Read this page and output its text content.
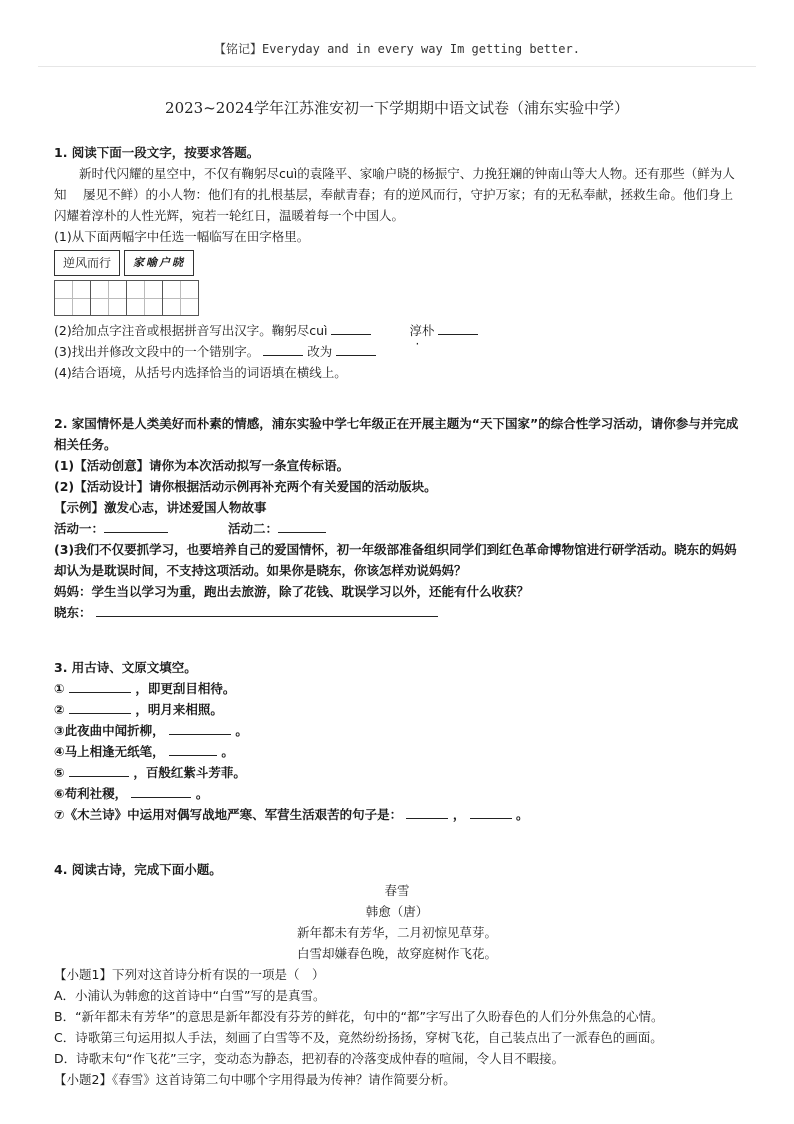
【铭记】Everyday and in every way Im getting better.
2023~2024学年江苏淮安初一下学期期中语文试卷（浦东实验中学）
1. 阅读下面一段文字，按要求答题。
新时代闪耀的星空中，不仅有鞠躬尽cuì的袁隆平、家喻户晓的杨振宁、力挽狂斓的钟南山等大人物。还有那些（鲜为人知　 屡见不鲜）的小人物：他们有的扎根基层，奉献青春；有的逆风而行，守护万家；有的无私奉献，拯救生命。他们身上闪耀着淳朴的人性光辉，宛若一轮红日，温暖着每一个中国人。
(1)从下面两幅字中任选一幅临写在田字格里。
逆风而行	家喻户晓
(2)给加点字注音或根据拼音写出汉字。鞠躬尽cuì	淳朴
(3)找出并修改文段中的一个错别字。	改为
(4)结合语境，从括号内选择恰当的词语填在横线上。
2. 家国情怀是人类美好而朴素的情感，浦东实验中学七年级正在开展主题为“天下国家”的综合性学习活动，请你参与并完成相关任务。
(1)【活动创意】请你为本次活动拟写一条宣传标语。
(2)【活动设计】请你根据活动示例再补充两个有关爱国的活动版块。
【示例】激发心志，讲述爱国人物故事
活动一：	活动二：
(3)我们不仅要抓学习，也要培养自己的爱国情怀，初一年级部准备组织同学们到红色革命博物馆进行研学活动。晓东的妈妈却认为是耽误时间，不支持这项活动。如果你是晓东，你该怎样劝说妈妈？
妈妈：学生当以学习为重，跑出去旅游，除了花钱、耽误学习以外，还能有什么收获？
晓东：
3. 用古诗、文原文填空。
①	，即更刮目相待。
②	，明月来相照。
③此夜曲中闻折柳，	。
④马上相逢无纸笔，	。
⑤	，百般红紫斗芳菲。
⑥苟利社稷，	。
⑦《木兰诗》中运用对偶写战地严寒、军营生活艰苦的句子是：	，	。
4. 阅读古诗，完成下面小题。
春雪
韩愈（唐）
新年都未有芳华，二月初惊见草芽。
白雪却嫌春色晚，故穿庭树作飞花。
【小题1】下列对这首诗分析有误的一项是（　）
A．小浦认为韩愈的这首诗中“白雪”写的是真雪。
B．“新年都未有芳华”的意思是新年都没有芬芳的鲜花，句中的“都”字写出了久盼春色的人们分外焦急的心情。
C．诗歌第三句运用拟人手法，刻画了白雪等不及，竟然纷纷扬扬，穿树飞花，自己装点出了一派春色的画面。
D．诗歌末句“作飞花”三字，变动态为静态，把初春的冷落变成仲春的喧闹，令人目不暇接。
【小题2】《春雪》这首诗第二句中哪个字用得最为传神？请作简要分析。
